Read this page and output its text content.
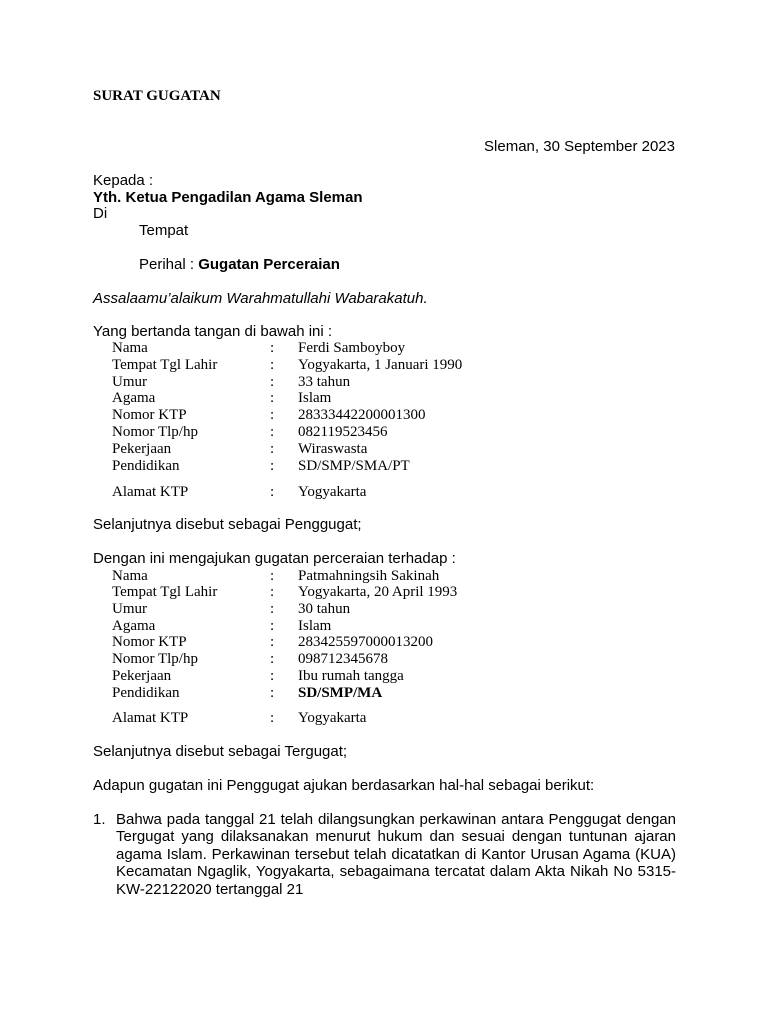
SURAT GUGATAN
Sleman, 30 September 2023
Kepada :
Yth. Ketua Pengadilan Agama Sleman
Di
Tempat
Perihal : Gugatan Perceraian
Assalaamu’alaikum Warahmatullahi Wabarakatuh.
Yang bertanda tangan di bawah ini :
Nama	: Ferdi Samboyboy
Tempat Tgl Lahir	: Yogyakarta, 1 Januari 1990
Umur	: 33 tahun
Agama	: Islam
Nomor KTP	: 28333442200001300
Nomor Tlp/hp	: 082119523456
Pekerjaan	: Wiraswasta
Pendidikan	: SD/SMP/SMA/PT
Alamat KTP	: Yogyakarta
Selanjutnya disebut sebagai Penggugat;
Dengan ini mengajukan gugatan perceraian terhadap :
Nama	: Patmahningsih Sakinah
Tempat Tgl Lahir	: Yogyakarta, 20 April 1993
Umur	: 30 tahun
Agama	: Islam
Nomor KTP	: 283425597000013200
Nomor Tlp/hp	: 098712345678
Pekerjaan	: Ibu rumah tangga
Pendidikan	: SD/SMP/MA
Alamat KTP	: Yogyakarta
Selanjutnya disebut sebagai Tergugat;
Adapun gugatan ini Penggugat ajukan berdasarkan hal-hal sebagai berikut:
1. Bahwa pada tanggal 21 telah dilangsungkan perkawinan antara Penggugat dengan Tergugat yang dilaksanakan menurut hukum dan sesuai dengan tuntunan ajaran agama Islam. Perkawinan tersebut telah dicatatkan di Kantor Urusan Agama (KUA) Kecamatan Ngaglik, Yogyakarta, sebagaimana tercatat dalam Akta Nikah No 5315-KW-22122020 tertanggal 21
